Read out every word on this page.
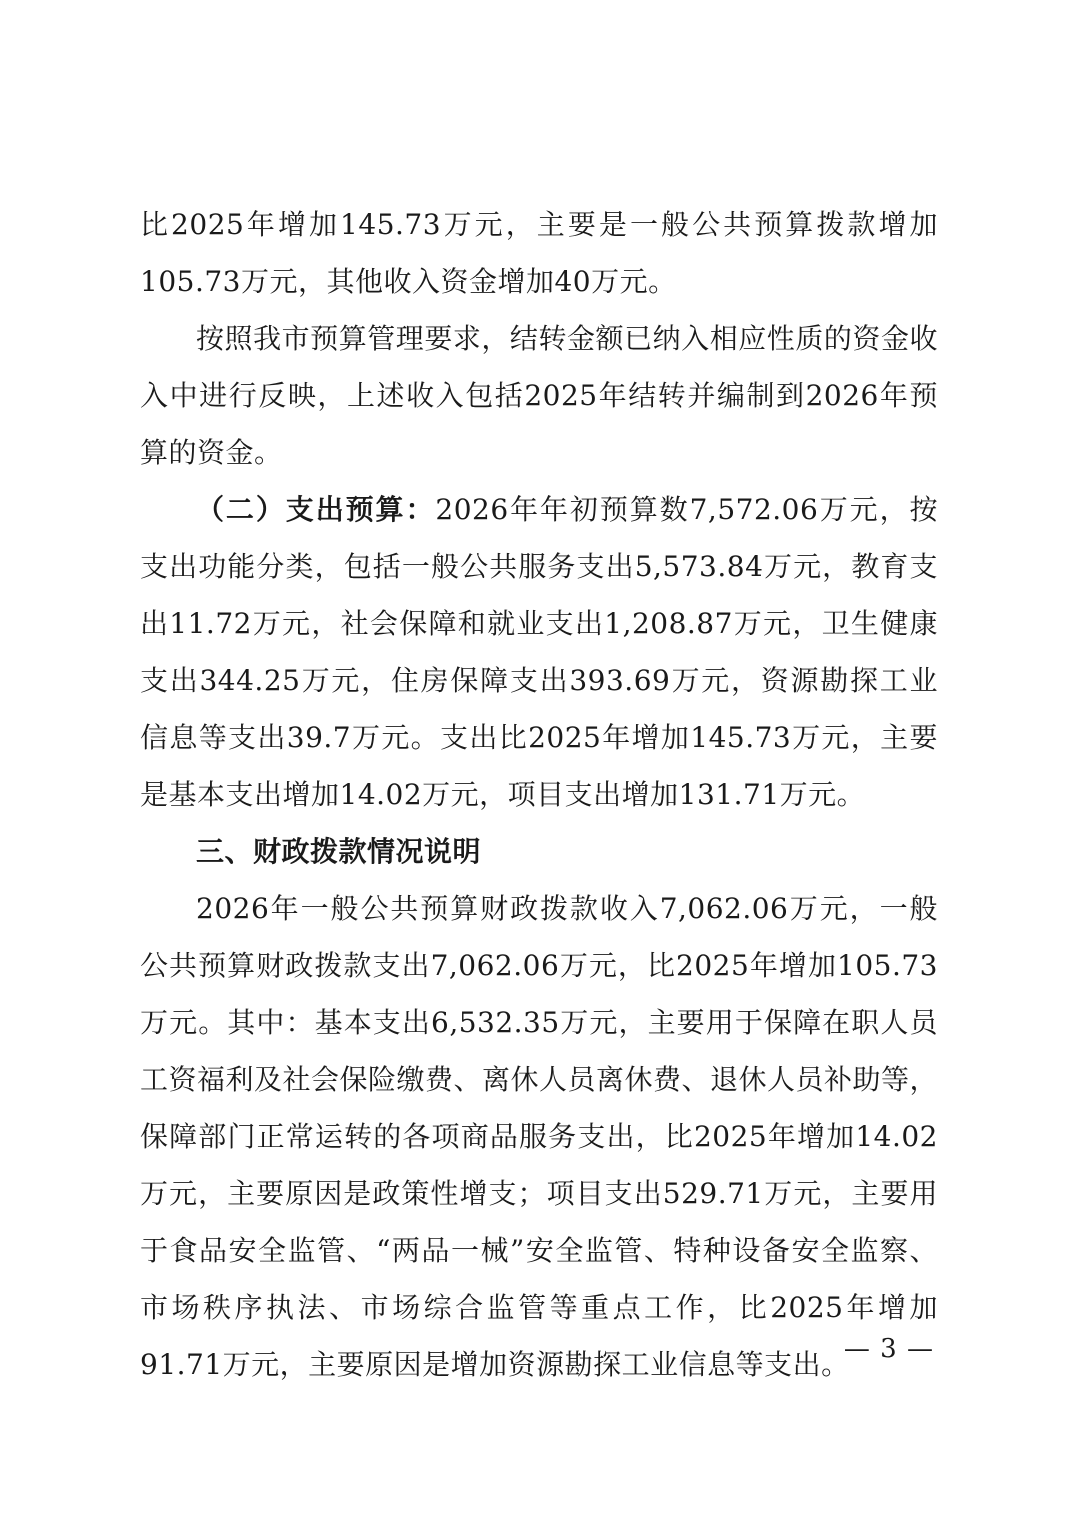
比2025年增加145.73万元，主要是一般公共预算拨款增加105.73万元，其他收入资金增加40万元。

按照我市预算管理要求，结转金额已纳入相应性质的资金收入中进行反映，上述收入包括2025年结转并编制到2026年预算的资金。

（二）支出预算：2026年年初预算数7,572.06万元，按支出功能分类，包括一般公共服务支出5,573.84万元，教育支出11.72万元，社会保障和就业支出1,208.87万元，卫生健康支出344.25万元，住房保障支出393.69万元，资源勘探工业信息等支出39.7万元。支出比2025年增加145.73万元，主要是基本支出增加14.02万元，项目支出增加131.71万元。

三、财政拨款情况说明

2026年一般公共预算财政拨款收入7,062.06万元，一般公共预算财政拨款支出7,062.06万元，比2025年增加105.73万元。其中：基本支出6,532.35万元，主要用于保障在职人员工资福利及社会保险缴费、离休人员离休费、退休人员补助等，保障部门正常运转的各项商品服务支出，比2025年增加14.02万元，主要原因是政策性增支；项目支出529.71万元，主要用于食品安全监管、“两品一械”安全监管、特种设备安全监察、市场秩序执法、市场综合监管等重点工作，比2025年增加91.71万元，主要原因是增加资源勘探工业信息等支出。

— 3 —
